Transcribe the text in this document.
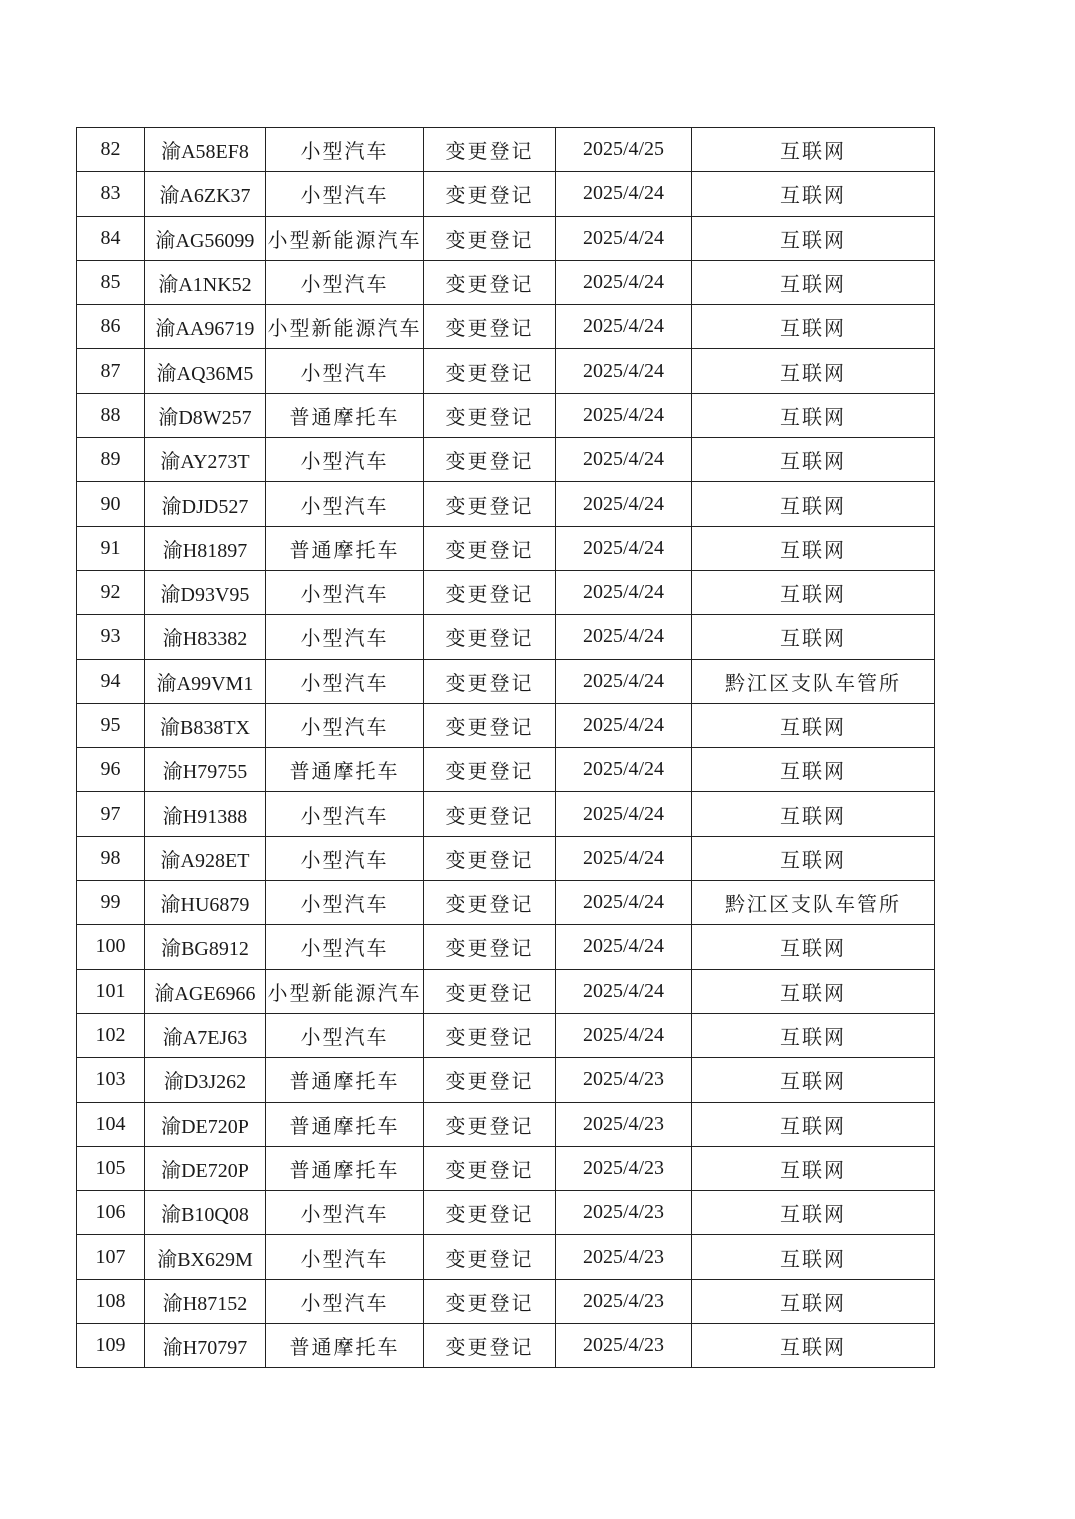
82	渝A58EF8	小型汽车	变更登记	2025/4/25	互联网
83	渝A6ZK37	小型汽车	变更登记	2025/4/24	互联网
84	渝AG56099	小型新能源汽车	变更登记	2025/4/24	互联网
85	渝A1NK52	小型汽车	变更登记	2025/4/24	互联网
86	渝AA96719	小型新能源汽车	变更登记	2025/4/24	互联网
87	渝AQ36M5	小型汽车	变更登记	2025/4/24	互联网
88	渝D8W257	普通摩托车	变更登记	2025/4/24	互联网
89	渝AY273T	小型汽车	变更登记	2025/4/24	互联网
90	渝DJD527	小型汽车	变更登记	2025/4/24	互联网
91	渝H81897	普通摩托车	变更登记	2025/4/24	互联网
92	渝D93V95	小型汽车	变更登记	2025/4/24	互联网
93	渝H83382	小型汽车	变更登记	2025/4/24	互联网
94	渝A99VM1	小型汽车	变更登记	2025/4/24	黔江区支队车管所
95	渝B838TX	小型汽车	变更登记	2025/4/24	互联网
96	渝H79755	普通摩托车	变更登记	2025/4/24	互联网
97	渝H91388	小型汽车	变更登记	2025/4/24	互联网
98	渝A928ET	小型汽车	变更登记	2025/4/24	互联网
99	渝HU6879	小型汽车	变更登记	2025/4/24	黔江区支队车管所
100	渝BG8912	小型汽车	变更登记	2025/4/24	互联网
101	渝AGE6966	小型新能源汽车	变更登记	2025/4/24	互联网
102	渝A7EJ63	小型汽车	变更登记	2025/4/24	互联网
103	渝D3J262	普通摩托车	变更登记	2025/4/23	互联网
104	渝DE720P	普通摩托车	变更登记	2025/4/23	互联网
105	渝DE720P	普通摩托车	变更登记	2025/4/23	互联网
106	渝B10Q08	小型汽车	变更登记	2025/4/23	互联网
107	渝BX629M	小型汽车	变更登记	2025/4/23	互联网
108	渝H87152	小型汽车	变更登记	2025/4/23	互联网
109	渝H70797	普通摩托车	变更登记	2025/4/23	互联网
